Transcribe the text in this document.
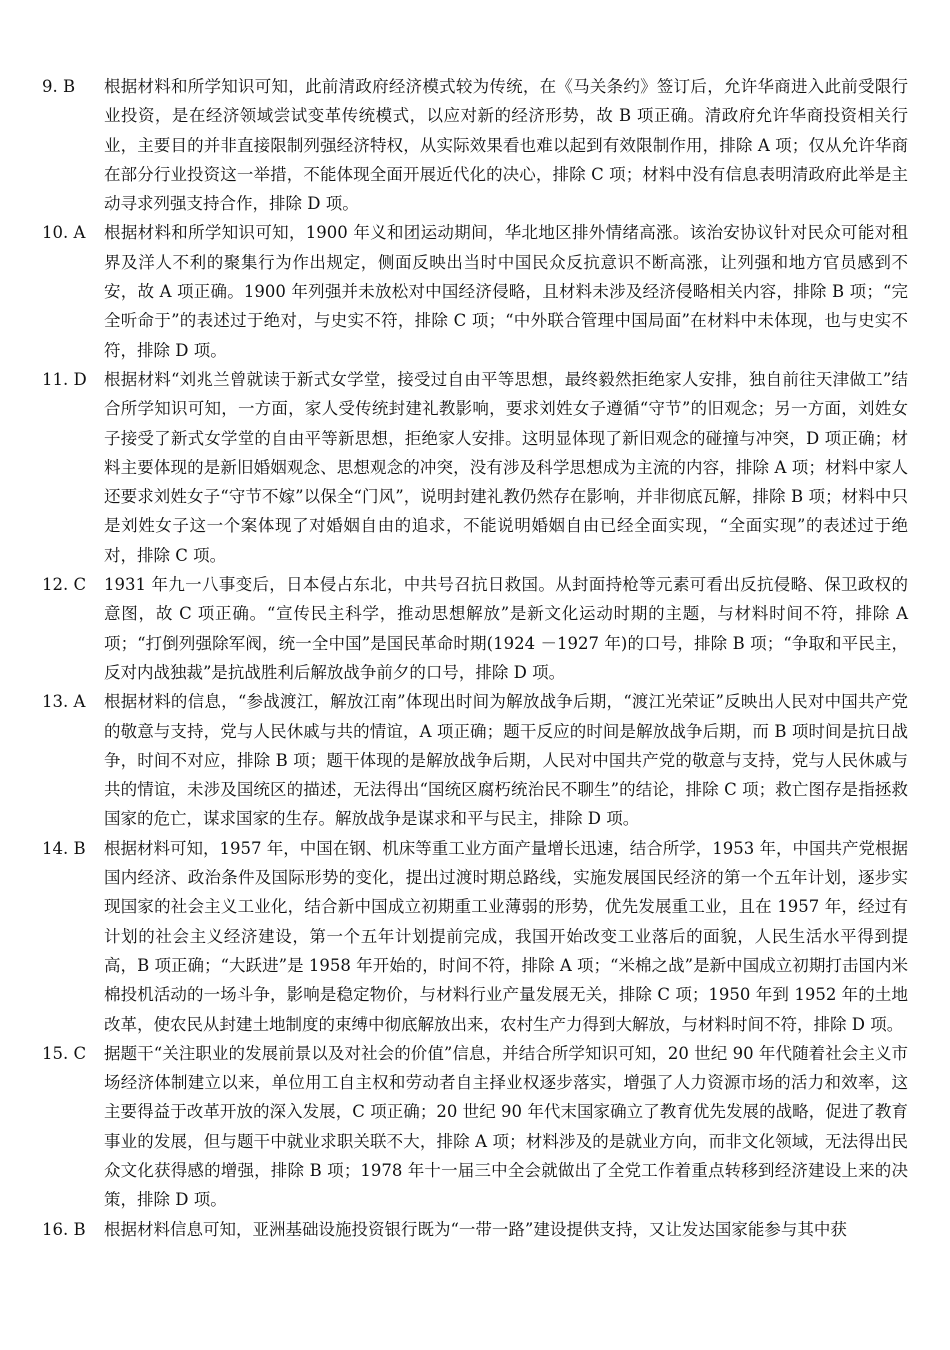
9. B 根据材料和所学知识可知，此前清政府经济模式较为传统，在《马关条约》签订后，允许华商进入此前受限行业投资，是在经济领域尝试变革传统模式，以应对新的经济形势，故 B 项正确。清政府允许华商投资相关行业，主要目的并非直接限制列强经济特权，从实际效果看也难以起到有效限制作用，排除 A 项；仅从允许华商在部分行业投资这一举措，不能体现全面开展近代化的决心，排除 C 项；材料中没有信息表明清政府此举是主动寻求列强支持合作，排除 D 项。
10. A 根据材料和所学知识可知，1900 年义和团运动期间，华北地区排外情绪高涨。该治安协议针对民众可能对租界及洋人不利的聚集行为作出规定，侧面反映出当时中国民众反抗意识不断高涨，让列强和地方官员感到不安，故 A 项正确。1900 年列强并未放松对中国经济侵略，且材料未涉及经济侵略相关内容，排除 B 项；“完全听命于”的表述过于绝对，与史实不符，排除 C 项；“中外联合管理中国局面”在材料中未体现，也与史实不符，排除 D 项。
11. D 根据材料“刘兆兰曾就读于新式女学堂，接受过自由平等思想，最终毅然拒绝家人安排，独自前往天津做工”结合所学知识可知，一方面，家人受传统封建礼教影响，要求刘姓女子遵循“守节”的旧观念；另一方面，刘姓女子接受了新式女学堂的自由平等新思想，拒绝家人安排。这明显体现了新旧观念的碰撞与冲突，D 项正确；材料主要体现的是新旧婚姻观念、思想观念的冲突，没有涉及科学思想成为主流的内容，排除 A 项；材料中家人还要求刘姓女子“守节不嫁”以保全“门风”，说明封建礼教仍然存在影响，并非彻底瓦解，排除 B 项；材料中只是刘姓女子这一个案体现了对婚姻自由的追求，不能说明婚姻自由已经全面实现，“全面实现”的表述过于绝对，排除 C 项。
12. C 1931 年九一八事变后，日本侵占东北，中共号召抗日救国。从封面持枪等元素可看出反抗侵略、保卫政权的意图，故 C 项正确。“宣传民主科学，推动思想解放”是新文化运动时期的主题，与材料时间不符，排除 A 项；“打倒列强除军阀，统一全中国”是国民革命时期(1924 －1927 年)的口号，排除 B 项；“争取和平民主，反对内战独裁”是抗战胜利后解放战争前夕的口号，排除 D 项。
13. A 根据材料的信息，“参战渡江，解放江南”体现出时间为解放战争后期，“渡江光荣证”反映出人民对中国共产党的敬意与支持，党与人民休戚与共的情谊，A 项正确；题干反应的时间是解放战争后期，而 B 项时间是抗日战争，时间不对应，排除 B 项；题干体现的是解放战争后期，人民对中国共产党的敬意与支持，党与人民休戚与共的情谊，未涉及国统区的描述，无法得出“国统区腐朽统治民不聊生”的结论，排除 C 项；救亡图存是指拯救国家的危亡，谋求国家的生存。解放战争是谋求和平与民主，排除 D 项。
14. B 根据材料可知，1957 年，中国在钢、机床等重工业方面产量增长迅速，结合所学，1953 年，中国共产党根据国内经济、政治条件及国际形势的变化，提出过渡时期总路线，实施发展国民经济的第一个五年计划，逐步实现国家的社会主义工业化，结合新中国成立初期重工业薄弱的形势，优先发展重工业，且在 1957 年，经过有计划的社会主义经济建设，第一个五年计划提前完成，我国开始改变工业落后的面貌，人民生活水平得到提高，B 项正确；“大跃进”是 1958 年开始的，时间不符，排除 A 项；“米棉之战”是新中国成立初期打击国内米棉投机活动的一场斗争，影响是稳定物价，与材料行业产量发展无关，排除 C 项；1950 年到 1952 年的土地改革，使农民从封建土地制度的束缚中彻底解放出来，农村生产力得到大解放，与材料时间不符，排除 D 项。
15. C 据题干“关注职业的发展前景以及对社会的价值”信息，并结合所学知识可知，20 世纪 90 年代随着社会主义市场经济体制建立以来，单位用工自主权和劳动者自主择业权逐步落实，增强了人力资源市场的活力和效率，这主要得益于改革开放的深入发展，C 项正确；20 世纪 90 年代末国家确立了教育优先发展的战略，促进了教育事业的发展，但与题干中就业求职关联不大，排除 A 项；材料涉及的是就业方向，而非文化领域，无法得出民众文化获得感的增强，排除 B 项；1978 年十一届三中全会就做出了全党工作着重点转移到经济建设上来的决策，排除 D 项。
16. B 根据材料信息可知，亚洲基础设施投资银行既为“一带一路”建设提供支持，又让发达国家能参与其中获
